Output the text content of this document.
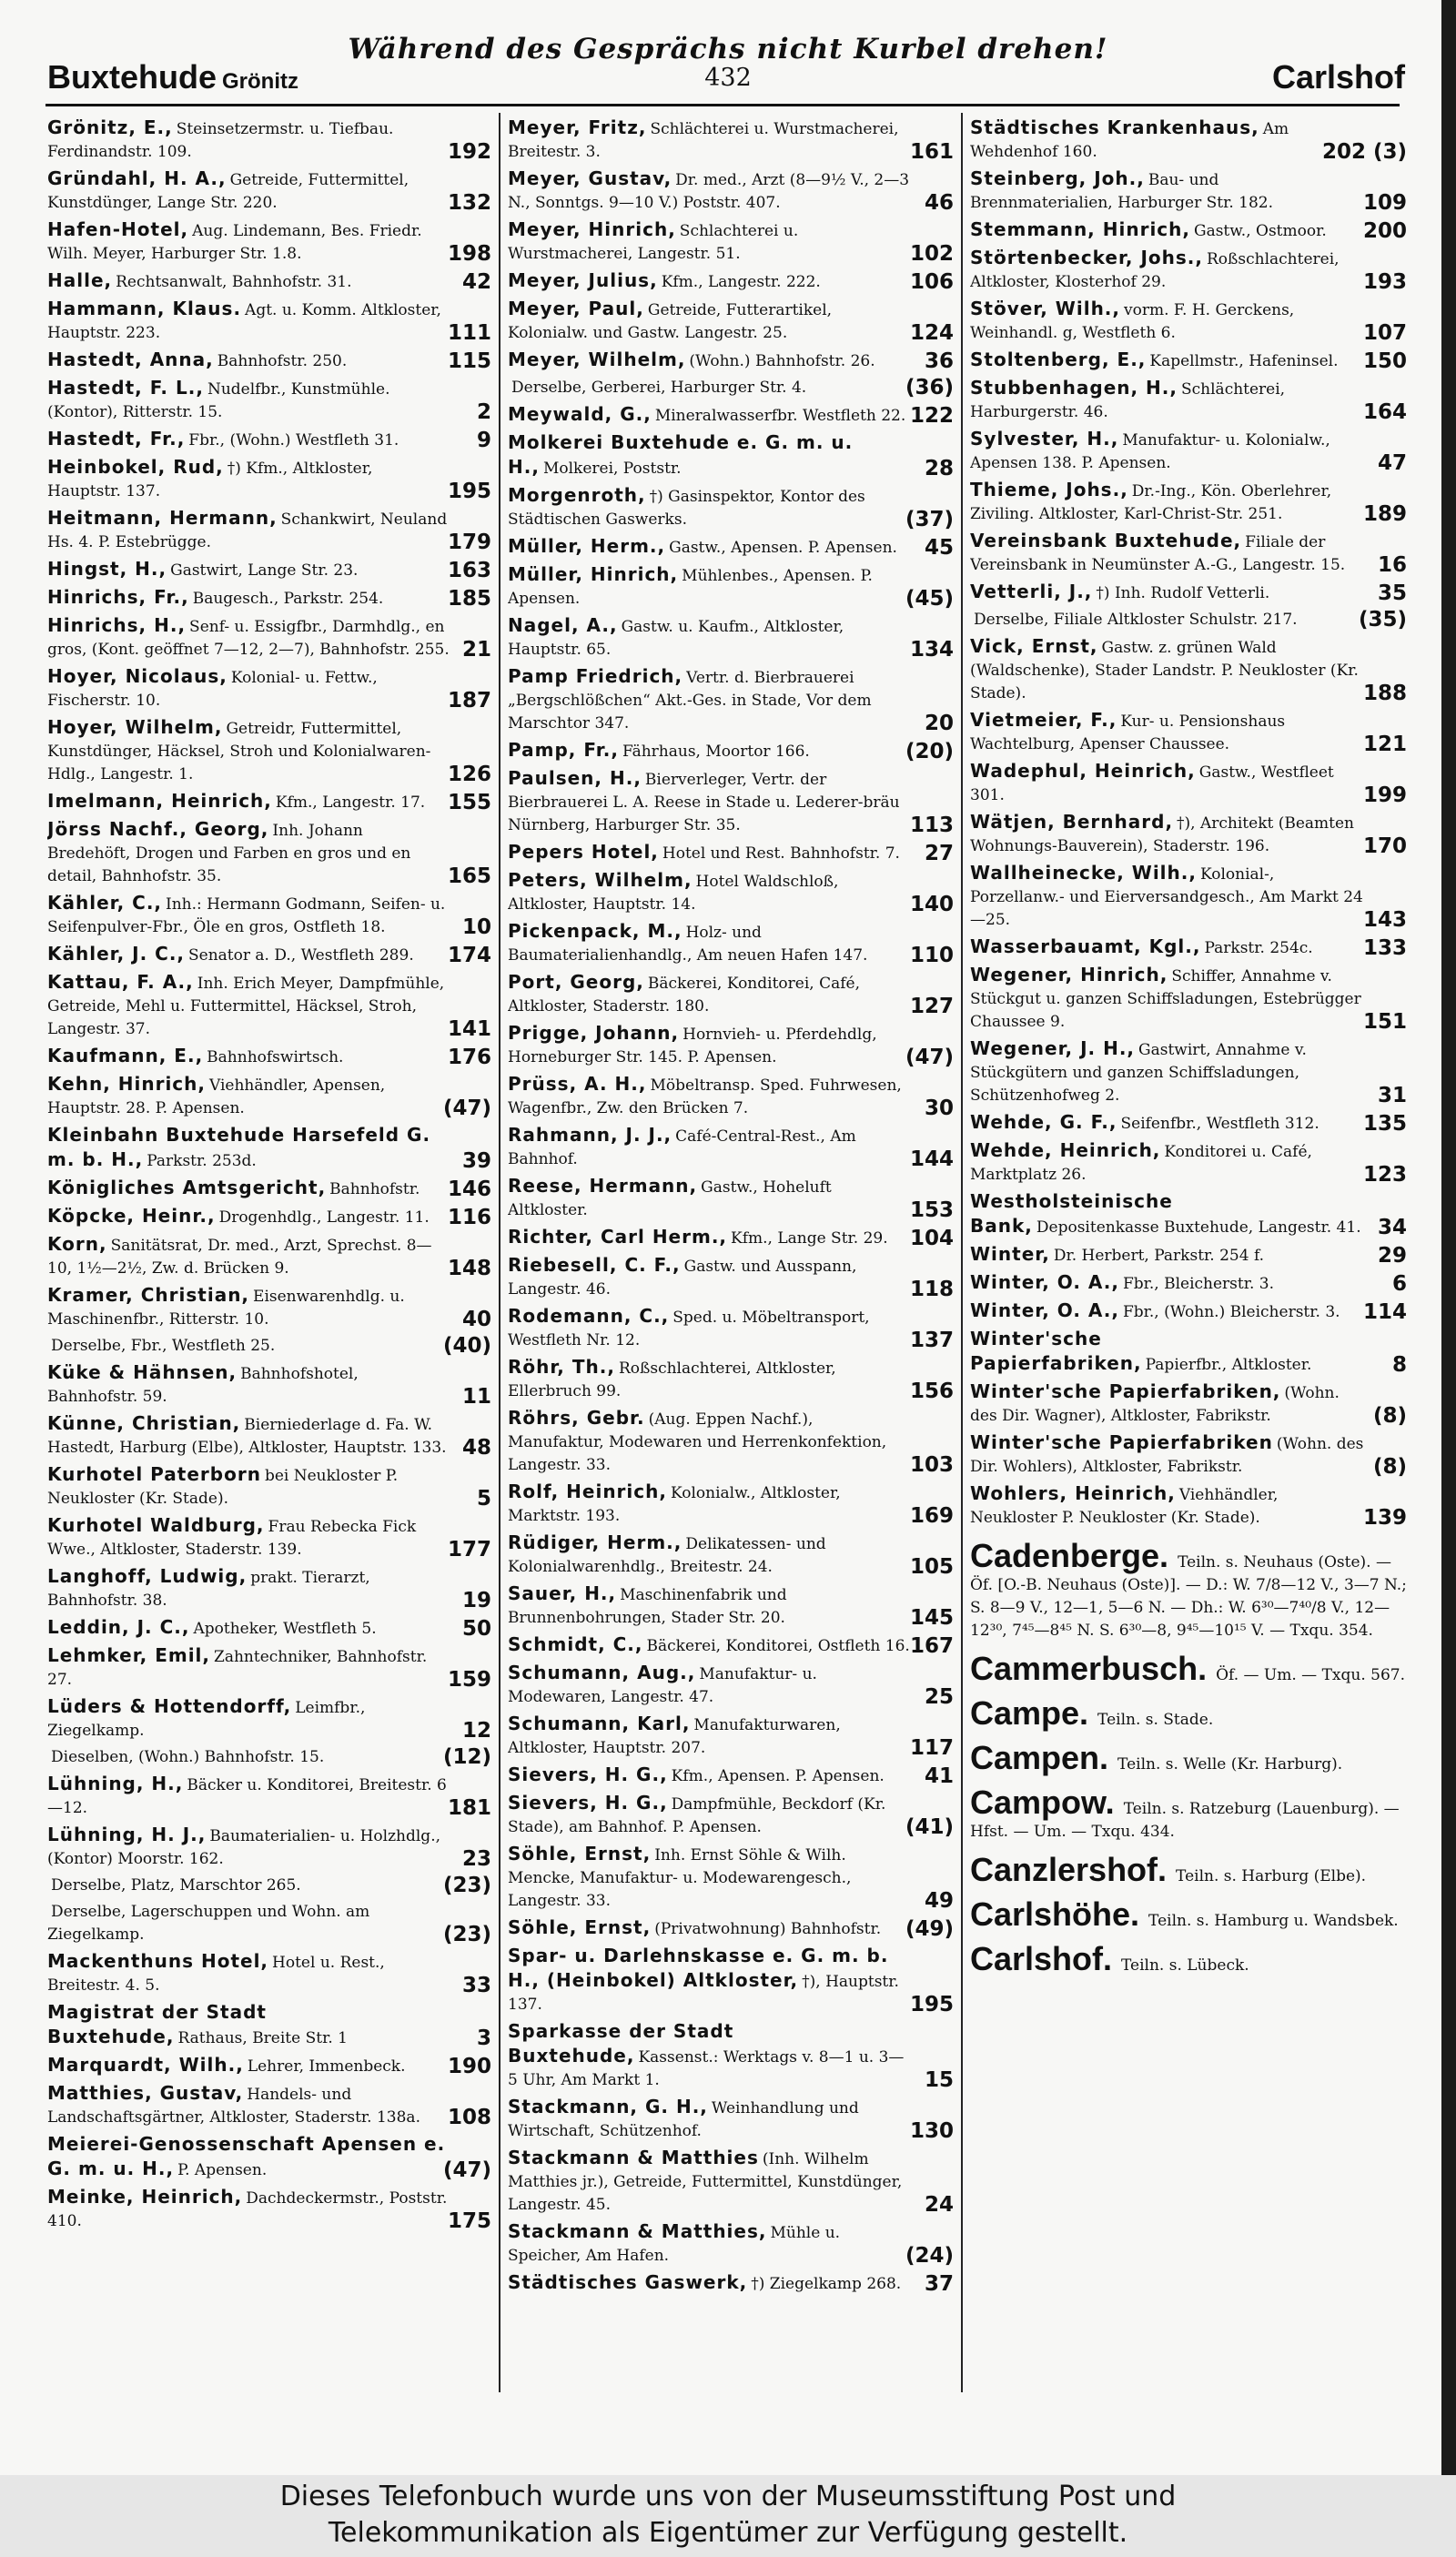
Während des Gesprächs nicht Kurbel drehen!
Buxtehude Grönitz	432	Carlshof
Grönitz, E., Steinsetzermstr. u. Tiefbau. Ferdinandstr. 109.	192
Gründahl, H. A., Getreide, Futtermittel, Kunstdünger, Lange Str. 220.	132
Hafen-Hotel, Aug. Lindemann, Bes. Friedr. Wilh. Meyer, Harburger Str. 1.8.	198
Halle, Rechtsanwalt, Bahnhofstr. 31.	42
Hammann, Klaus. Agt. u. Komm. Altkloster, Hauptstr. 223.	111
Hastedt, Anna, Bahnhofstr. 250.	115
Hastedt, F. L., Nudelfbr., Kunstmühle. (Kontor), Ritterstr. 15.	2
Hastedt, Fr., Fbr., (Wohn.) Westfleth 31.	9
Heinbokel, Rud, †) Kfm., Altkloster, Hauptstr. 137.	195
Heitmann, Hermann, Schankwirt, Neuland Hs. 4. P. Estebrügge.	179
Hingst, H., Gastwirt, Lange Str. 23.	163
Hinrichs, Fr., Baugesch., Parkstr. 254.	185
Hinrichs, H., Senf- u. Essigfbr., Darmhdlg., en gros, (Kont. geöffnet 7—12, 2—7), Bahnhofstr. 255. 21
Hoyer, Nicolaus, Kolonial- u. Fettw., Fischerstr. 10.	187
Hoyer, Wilhelm, Getreidr, Futtermittel, Kunstdünger, Häcksel, Stroh und Kolonialwaren-Hdlg., Langestr. 1.	126
Imelmann, Heinrich, Kfm., Langestr. 17. 155
Jörss Nachf., Georg, Inh. Johann Bredehöft, Drogen und Farben en gros und en detail, Bahnhofstr. 35.	165
Kähler, C., Inh.: Hermann Godmann, Seifen- u. Seifenpulver-Fbr., Öle en gros, Ostfleth 18.	10
Kähler, J. C., Senator a. D., Westfleth 289. 174
Kattau, F. A., Inh. Erich Meyer, Dampfmühle, Getreide, Mehl u. Futtermittel, Häcksel, Stroh, Langestr. 37.	141
Kaufmann, E., Bahnhofswirtsch.	176
Kehn, Hinrich, Viehhändler, Apensen, Hauptstr. 28. P. Apensen.	(47)
Kleinbahn Buxtehude Harsefeld G. m. b. H., Parkstr. 253d.	39
Königliches Amtsgericht, Bahnhofstr. 146
Köpcke, Heinr., Drogenhdlg., Langestr. 11. 116
Korn, Sanitätsrat, Dr. med., Arzt, Sprechst. 8—10, 1½—2½, Zw. d. Brücken 9.	148
Kramer, Christian, Eisenwarenhdlg. u. Maschinenfbr., Ritterstr. 10.	40
Derselbe, Fbr., Westfleth 25.	(40)
Küke & Hähnsen, Bahnhofshotel, Bahnhofstr. 59.	11
Künne, Christian, Bierniederlage d. Fa. W. Hastedt, Harburg (Elbe), Altkloster, Hauptstr. 133. 48
Kurhotel Paterborn bei Neukloster P. Neukloster (Kr. Stade).	5
Kurhotel Waldburg, Frau Rebecka Fick Wwe., Altkloster, Staderstr. 139.	177
Langhoff, Ludwig, prakt. Tierarzt, Bahnhofstr. 38.	19
Leddin, J. C., Apotheker, Westfleth 5.	50
Lehmker, Emil, Zahntechniker, Bahnhofstr. 27.	159
Lüders & Hottendorff, Leimfbr., Ziegelkamp.	12
Dieselben, (Wohn.) Bahnhofstr. 15.	(12)
Lühning, H., Bäcker u. Konditorei, Breitestr. 6—12.	181
Lühning, H. J., Baumaterialien- u. Holzhdlg., (Kontor) Moorstr. 162.	23
Derselbe, Platz, Marschtor 265.	(23)
Derselbe, Lagerschuppen und Wohn. am Ziegelkamp.	(23)
Mackenthuns Hotel, Hotel u. Rest., Breitestr. 4. 5.	33
Magistrat der Stadt Buxtehude, Rathaus, Breite Str. 1	3
Marquardt, Wilh., Lehrer, Immenbeck. 190
Matthies, Gustav, Handels- und Landschaftsgärtner, Altkloster, Staderstr. 138a. 108
Meierei-Genossenschaft Apensen e. G. m. u. H., P. Apensen.	(47)
Meinke, Heinrich, Dachdeckermstr., Poststr. 410.	175
Meyer, Fritz, Schlächterei u. Wurstmacherei, Breitestr. 3.	161
Meyer, Gustav, Dr. med., Arzt (8—9½ V., 2—3 N., Sonntgs. 9—10 V.) Poststr. 407.	46
Meyer, Hinrich, Schlachterei u. Wurstmacherei, Langestr. 51.	102
Meyer, Julius, Kfm., Langestr. 222.	106
Meyer, Paul, Getreide, Futterartikel, Kolonialw. und Gastw. Langestr. 25.	124
Meyer, Wilhelm, (Wohn.) Bahnhofstr. 26. 36
Derselbe, Gerberei, Harburger Str. 4.	(36)
Meywald, G., Mineralwasserfbr. Westfleth 22. 122
Molkerei Buxtehude e. G. m. u. H., Molkerei, Poststr.	28
Morgenroth, †) Gasinspektor, Kontor des Städtischen Gaswerks.	(37)
Müller, Herm., Gastw., Apensen. P. Apensen. 45
Müller, Hinrich, Mühlenbes., Apensen. P. Apensen.	(45)
Nagel, A., Gastw. u. Kaufm., Altkloster, Hauptstr. 65.	134
Pamp Friedrich, Vertr. d. Bierbrauerei „Bergschlößchen“ Akt.-Ges. in Stade, Vor dem Marschtor 347.	20
Pamp, Fr., Fährhaus, Moortor 166.	(20)
Paulsen, H., Bierverleger, Vertr. der Bierbrauerei L. A. Reese in Stade u. Lederer-bräu Nürnberg, Harburger Str. 35.	113
Pepers Hotel, Hotel und Rest. Bahnhofstr. 7. 27
Peters, Wilhelm, Hotel Waldschloß, Altkloster, Hauptstr. 14.	140
Pickenpack, M., Holz- und Baumaterialienhandlg., Am neuen Hafen 147. 110
Port, Georg, Bäckerei, Konditorei, Café, Altkloster, Staderstr. 180.	127
Prigge, Johann, Hornvieh- u. Pferdehdlg, Horneburger Str. 145. P. Apensen.	(47)
Prüss, A. H., Möbeltransp. Sped. Fuhrwesen, Wagenfbr., Zw. den Brücken 7.	30
Rahmann, J. J., Café-Central-Rest., Am Bahnhof.	144
Reese, Hermann, Gastw., Hoheluft Altkloster.	153
Richter, Carl Herm., Kfm., Lange Str. 29. 104
Riebesell, C. F., Gastw. und Ausspann, Langestr. 46.	118
Rodemann, C., Sped. u. Möbeltransport, Westfleth Nr. 12.	137
Röhr, Th., Roßschlachterei, Altkloster, Ellerbruch 99.	156
Röhrs, Gebr. (Aug. Eppen Nachf.), Manufaktur, Modewaren und Herrenkonfektion, Langestr. 33.	103
Rolf, Heinrich, Kolonialw., Altkloster, Marktstr. 193.	169
Rüdiger, Herm., Delikatessen- und Kolonialwarenhdlg., Breitestr. 24.	105
Sauer, H., Maschinenfabrik und Brunnenbohrungen, Stader Str. 20.	145
Schmidt, C., Bäckerei, Konditorei, Ostfleth 16. 167
Schumann, Aug., Manufaktur- u. Modewaren, Langestr. 47.	25
Schumann, Karl, Manufakturwaren, Altkloster, Hauptstr. 207.	117
Sievers, H. G., Kfm., Apensen. P. Apensen. 41
Sievers, H. G., Dampfmühle, Beckdorf (Kr. Stade), am Bahnhof. P. Apensen.	(41)
Söhle, Ernst, Inh. Ernst Söhle & Wilh. Mencke, Manufaktur- u. Modewarengesch., Langestr. 33.	49
Söhle, Ernst, (Privatwohnung) Bahnhofstr. (49)
Spar- u. Darlehnskasse e. G. m. b. H., (Heinbokel) Altkloster, †), Hauptstr. 137.	195
Sparkasse der Stadt Buxtehude, Kassenst.: Werktags v. 8—1 u. 3—5 Uhr, Am Markt 1.	15
Stackmann, G. H., Weinhandlung und Wirtschaft, Schützenhof.	130
Stackmann & Matthies (Inh. Wilhelm Matthies jr.), Getreide, Futtermittel, Kunstdünger, Langestr. 45.	24
Stackmann & Matthies, Mühle u. Speicher, Am Hafen.	(24)
Städtisches Gaswerk, †) Ziegelkamp 268. 37
Städtisches Krankenhaus, Am Wehdenhof 160.	202 (3)
Steinberg, Joh., Bau- und Brennmaterialien, Harburger Str. 182.	109
Stemmann, Hinrich, Gastw., Ostmoor. 200
Störtenbecker, Johs., Roßschlachterei, Altkloster, Klosterhof 29.	193
Stöver, Wilh., vorm. F. H. Gerckens, Weinhandl. g, Westfleth 6.	107
Stoltenberg, E., Kapellmstr., Hafeninsel. 150
Stubbenhagen, H., Schlächterei, Harburgerstr. 46.	164
Sylvester, H., Manufaktur- u. Kolonialw., Apensen 138. P. Apensen.	47
Thieme, Johs., Dr.-Ing., Kön. Oberlehrer, Ziviling. Altkloster, Karl-Christ-Str. 251.	189
Vereinsbank Buxtehude, Filiale der Vereinsbank in Neumünster A.-G., Langestr. 15. 16
Vetterli, J., †) Inh. Rudolf Vetterli.	35
Derselbe, Filiale Altkloster Schulstr. 217.	(35)
Vick, Ernst, Gastw. z. grünen Wald (Waldschenke), Stader Landstr. P. Neukloster (Kr. Stade).	188
Vietmeier, F., Kur- u. Pensionshaus Wachtelburg, Apenser Chaussee.	121
Wadephul, Heinrich, Gastw., Westfleet 301.	199
Wätjen, Bernhard, †), Architekt (Beamten Wohnungs-Bauverein), Staderstr. 196.	170
Wallheinecke, Wilh., Kolonial-, Porzellanw.- und Eierversandgesch., Am Markt 24—25.	143
Wasserbauamt, Kgl., Parkstr. 254c. 133
Wegener, Hinrich, Schiffer, Annahme v. Stückgut u. ganzen Schiffsladungen, Estebrügger Chaussee 9.	151
Wegener, J. H., Gastwirt, Annahme v. Stückgütern und ganzen Schiffsladungen, Schützenhofweg 2.	31
Wehde, G. F., Seifenfbr., Westfleth 312. 135
Wehde, Heinrich, Konditorei u. Café, Marktplatz 26.	123
Westholsteinische Bank, Depositenkasse Buxtehude, Langestr. 41. 34
Winter, Dr. Herbert, Parkstr. 254 f.	29
Winter, O. A., Fbr., Bleicherstr. 3.	6
Winter, O. A., Fbr., (Wohn.) Bleicherstr. 3. 114
Winter'sche Papierfabriken, Papierfbr., Altkloster.	8
Winter'sche Papierfabriken, (Wohn. des Dir. Wagner), Altkloster, Fabrikstr.	(8)
Winter'sche Papierfabriken (Wohn. des Dir. Wohlers), Altkloster, Fabrikstr.	(8)
Wohlers, Heinrich, Viehhändler, Neukloster P. Neukloster (Kr. Stade).	139
Cadenberge. Teiln. s. Neuhaus (Oste). — Öf. [O.-B. Neuhaus (Oste)]. — D.: W. 7/8—12 V., 3—7 N.; S. 8—9 V., 12—1, 5—6 N. — Dh.: W. 6³⁰—7⁴⁰/8 V., 12—12³⁰, 7⁴⁵—8⁴⁵ N. S. 6³⁰—8, 9⁴⁵—10¹⁵ V. — Txqu. 354.
Cammerbusch. Öf. — Um. — Txqu. 567.
Campe. Teiln. s. Stade.
Campen. Teiln. s. Welle (Kr. Harburg).
Campow. Teiln. s. Ratzeburg (Lauenburg). — Hfst. — Um. — Txqu. 434.
Canzlershof. Teiln. s. Harburg (Elbe).
Carlshöhe. Teiln. s. Hamburg u. Wandsbek.
Carlshof. Teiln. s. Lübeck.
Dieses Telefonbuch wurde uns von der Museumsstiftung Post und
Telekommunikation als Eigentümer zur Verfügung gestellt.
